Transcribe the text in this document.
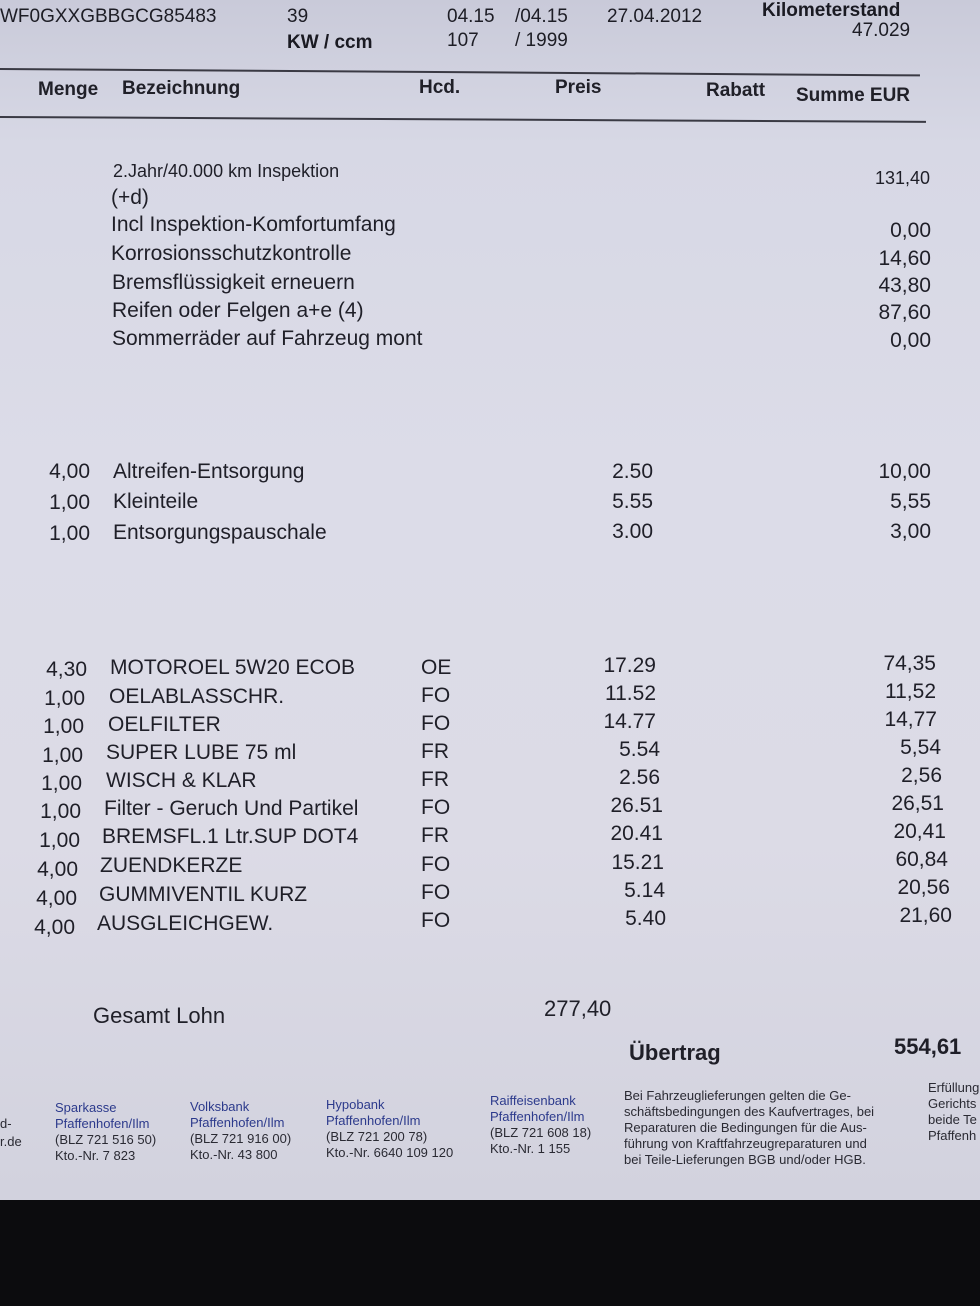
WF0GXXGBBGCG85483	39	04.15 /04.15 27.04.2012	Kilometerstand
47.029
KW / ccm	107 / 1999
Menge Bezeichnung	Hcd.	Preis	Rabatt Summe EUR
2.Jahr/40.000 km Inspektion	131,40
(+d)
Incl Inspektion-Komfortumfang	0,00
Korrosionsschutzkontrolle	14,60
Bremsflüssigkeit erneuern	43,80
Reifen oder Felgen a+e (4)	87,60
Sommerräder auf Fahrzeug mont	0,00
4,00 Altreifen-Entsorgung	2.50	10,00
1,00 Kleinteile	5.55	5,55
1,00 Entsorgungspauschale	3.00	3,00
4,30 MOTOROEL 5W20 ECOB	OE	17.29	74,35
1,00 OELABLASSCHR.	FO	11.52	11,52
1,00 OELFILTER	FO	14.77	14,77
1,00 SUPER LUBE 75 ml	FR	5.54	5,54
1,00 WISCH & KLAR	FR	2.56	2,56
1,00 Filter - Geruch Und Partikel	FO	26.51	26,51
1,00 BREMSFL.1 Ltr.SUP DOT4	FR	20.41	20,41
4,00 ZUENDKERZE	FO	15.21	60,84
4,00 GUMMIVENTIL KURZ	FO	5.14	20,56
4,00 AUSGLEICHGEW.	FO	5.40	21,60
Gesamt Lohn	277,40
Übertrag	554,61
d-
r.de
Sparkasse
Pfaffenhofen/Ilm
(BLZ 721 516 50)
Kto.-Nr. 7 823
Volksbank
Pfaffenhofen/Ilm
(BLZ 721 916 00)
Kto.-Nr. 43 800
Hypobank
Pfaffenhofen/Ilm
(BLZ 721 200 78)
Kto.-Nr. 6640 109 120
Raiffeisenbank
Pfaffenhofen/Ilm
(BLZ 721 608 18)
Kto.-Nr. 1 155
Bei Fahrzeuglieferungen gelten die Ge-
schäftsbedingungen des Kaufvertrages, bei
Reparaturen die Bedingungen für die Aus-
führung von Kraftfahrzeugreparaturen und
bei Teile-Lieferungen BGB und/oder HGB.
Erfüllung
Gerichts
beide Te
Pfaffenh
